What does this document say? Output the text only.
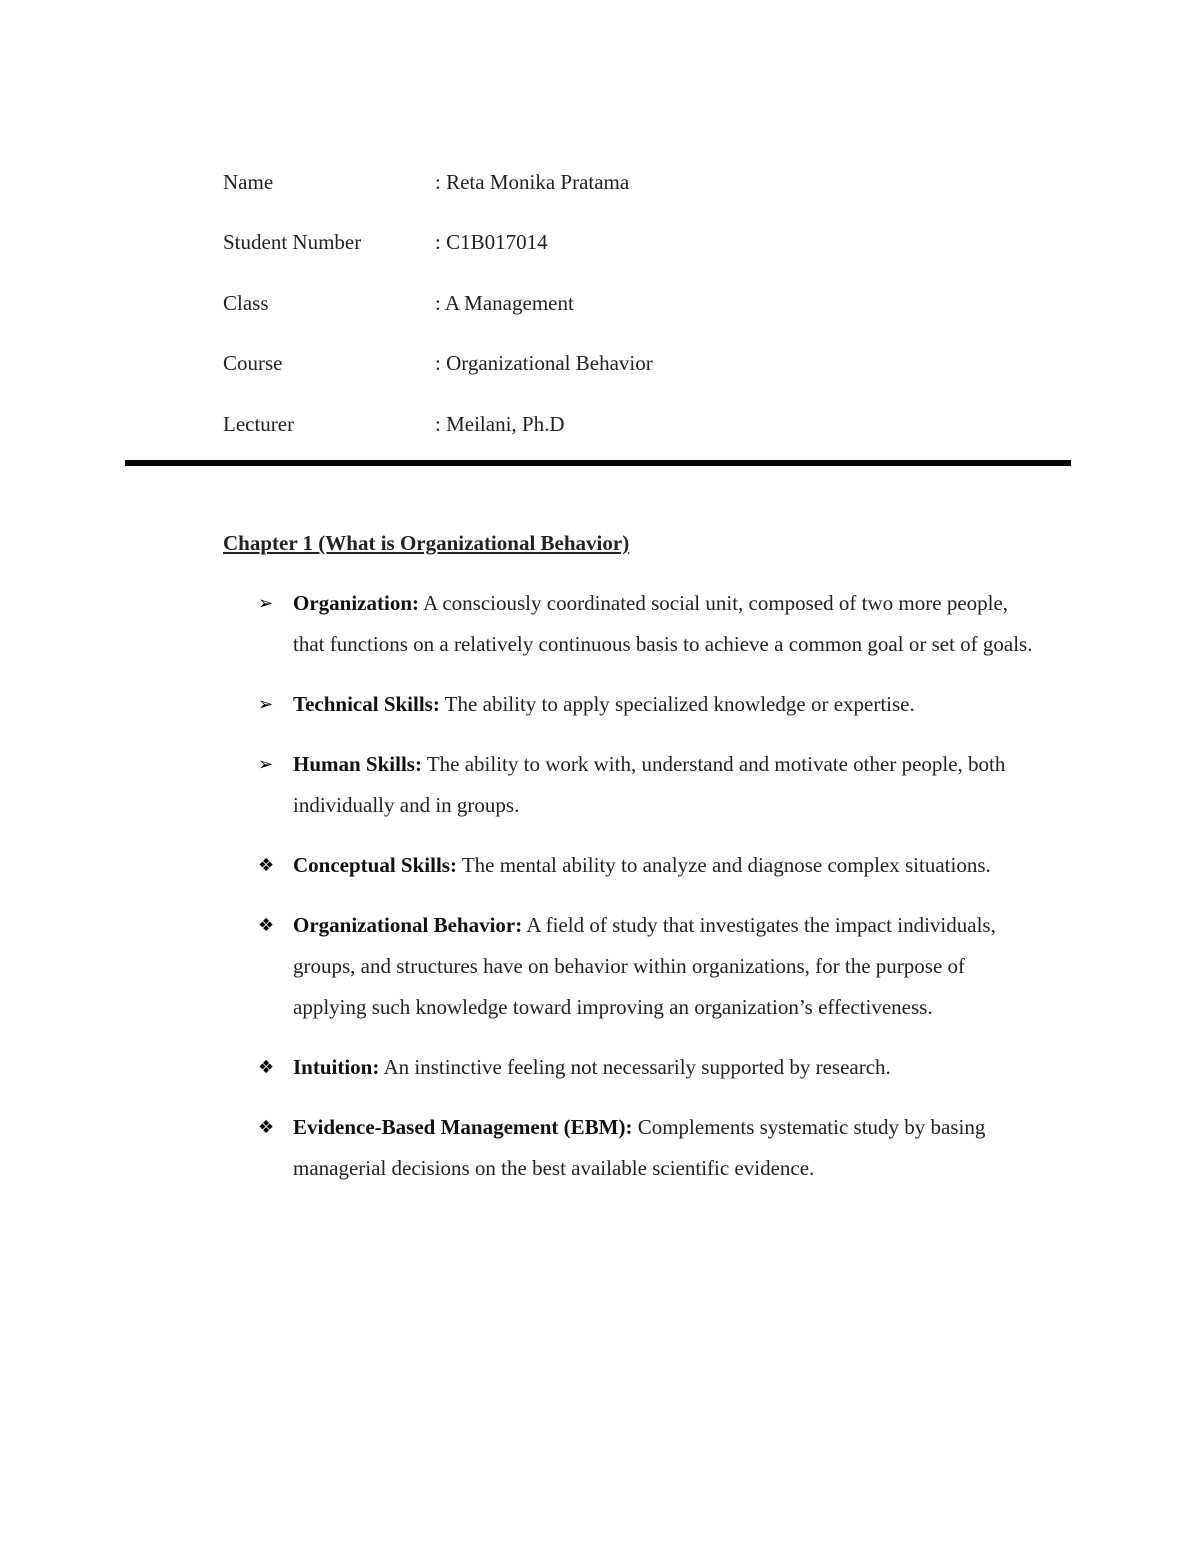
Name	: Reta Monika Pratama
Student Number	: C1B017014
Class	: A Management
Course	: Organizational Behavior
Lecturer	: Meilani, Ph.D
Chapter 1 (What is Organizational Behavior)
➢ Organization: A consciously coordinated social unit, composed of two more people, that functions on a relatively continuous basis to achieve a common goal or set of goals.
➢ Technical Skills: The ability to apply specialized knowledge or expertise.
➢ Human Skills: The ability to work with, understand and motivate other people, both individually and in groups.
❖ Conceptual Skills: The mental ability to analyze and diagnose complex situations.
❖ Organizational Behavior: A field of study that investigates the impact individuals, groups, and structures have on behavior within organizations, for the purpose of applying such knowledge toward improving an organization’s effectiveness.
❖ Intuition: An instinctive feeling not necessarily supported by research.
❖ Evidence-Based Management (EBM): Complements systematic study by basing managerial decisions on the best available scientific evidence.
